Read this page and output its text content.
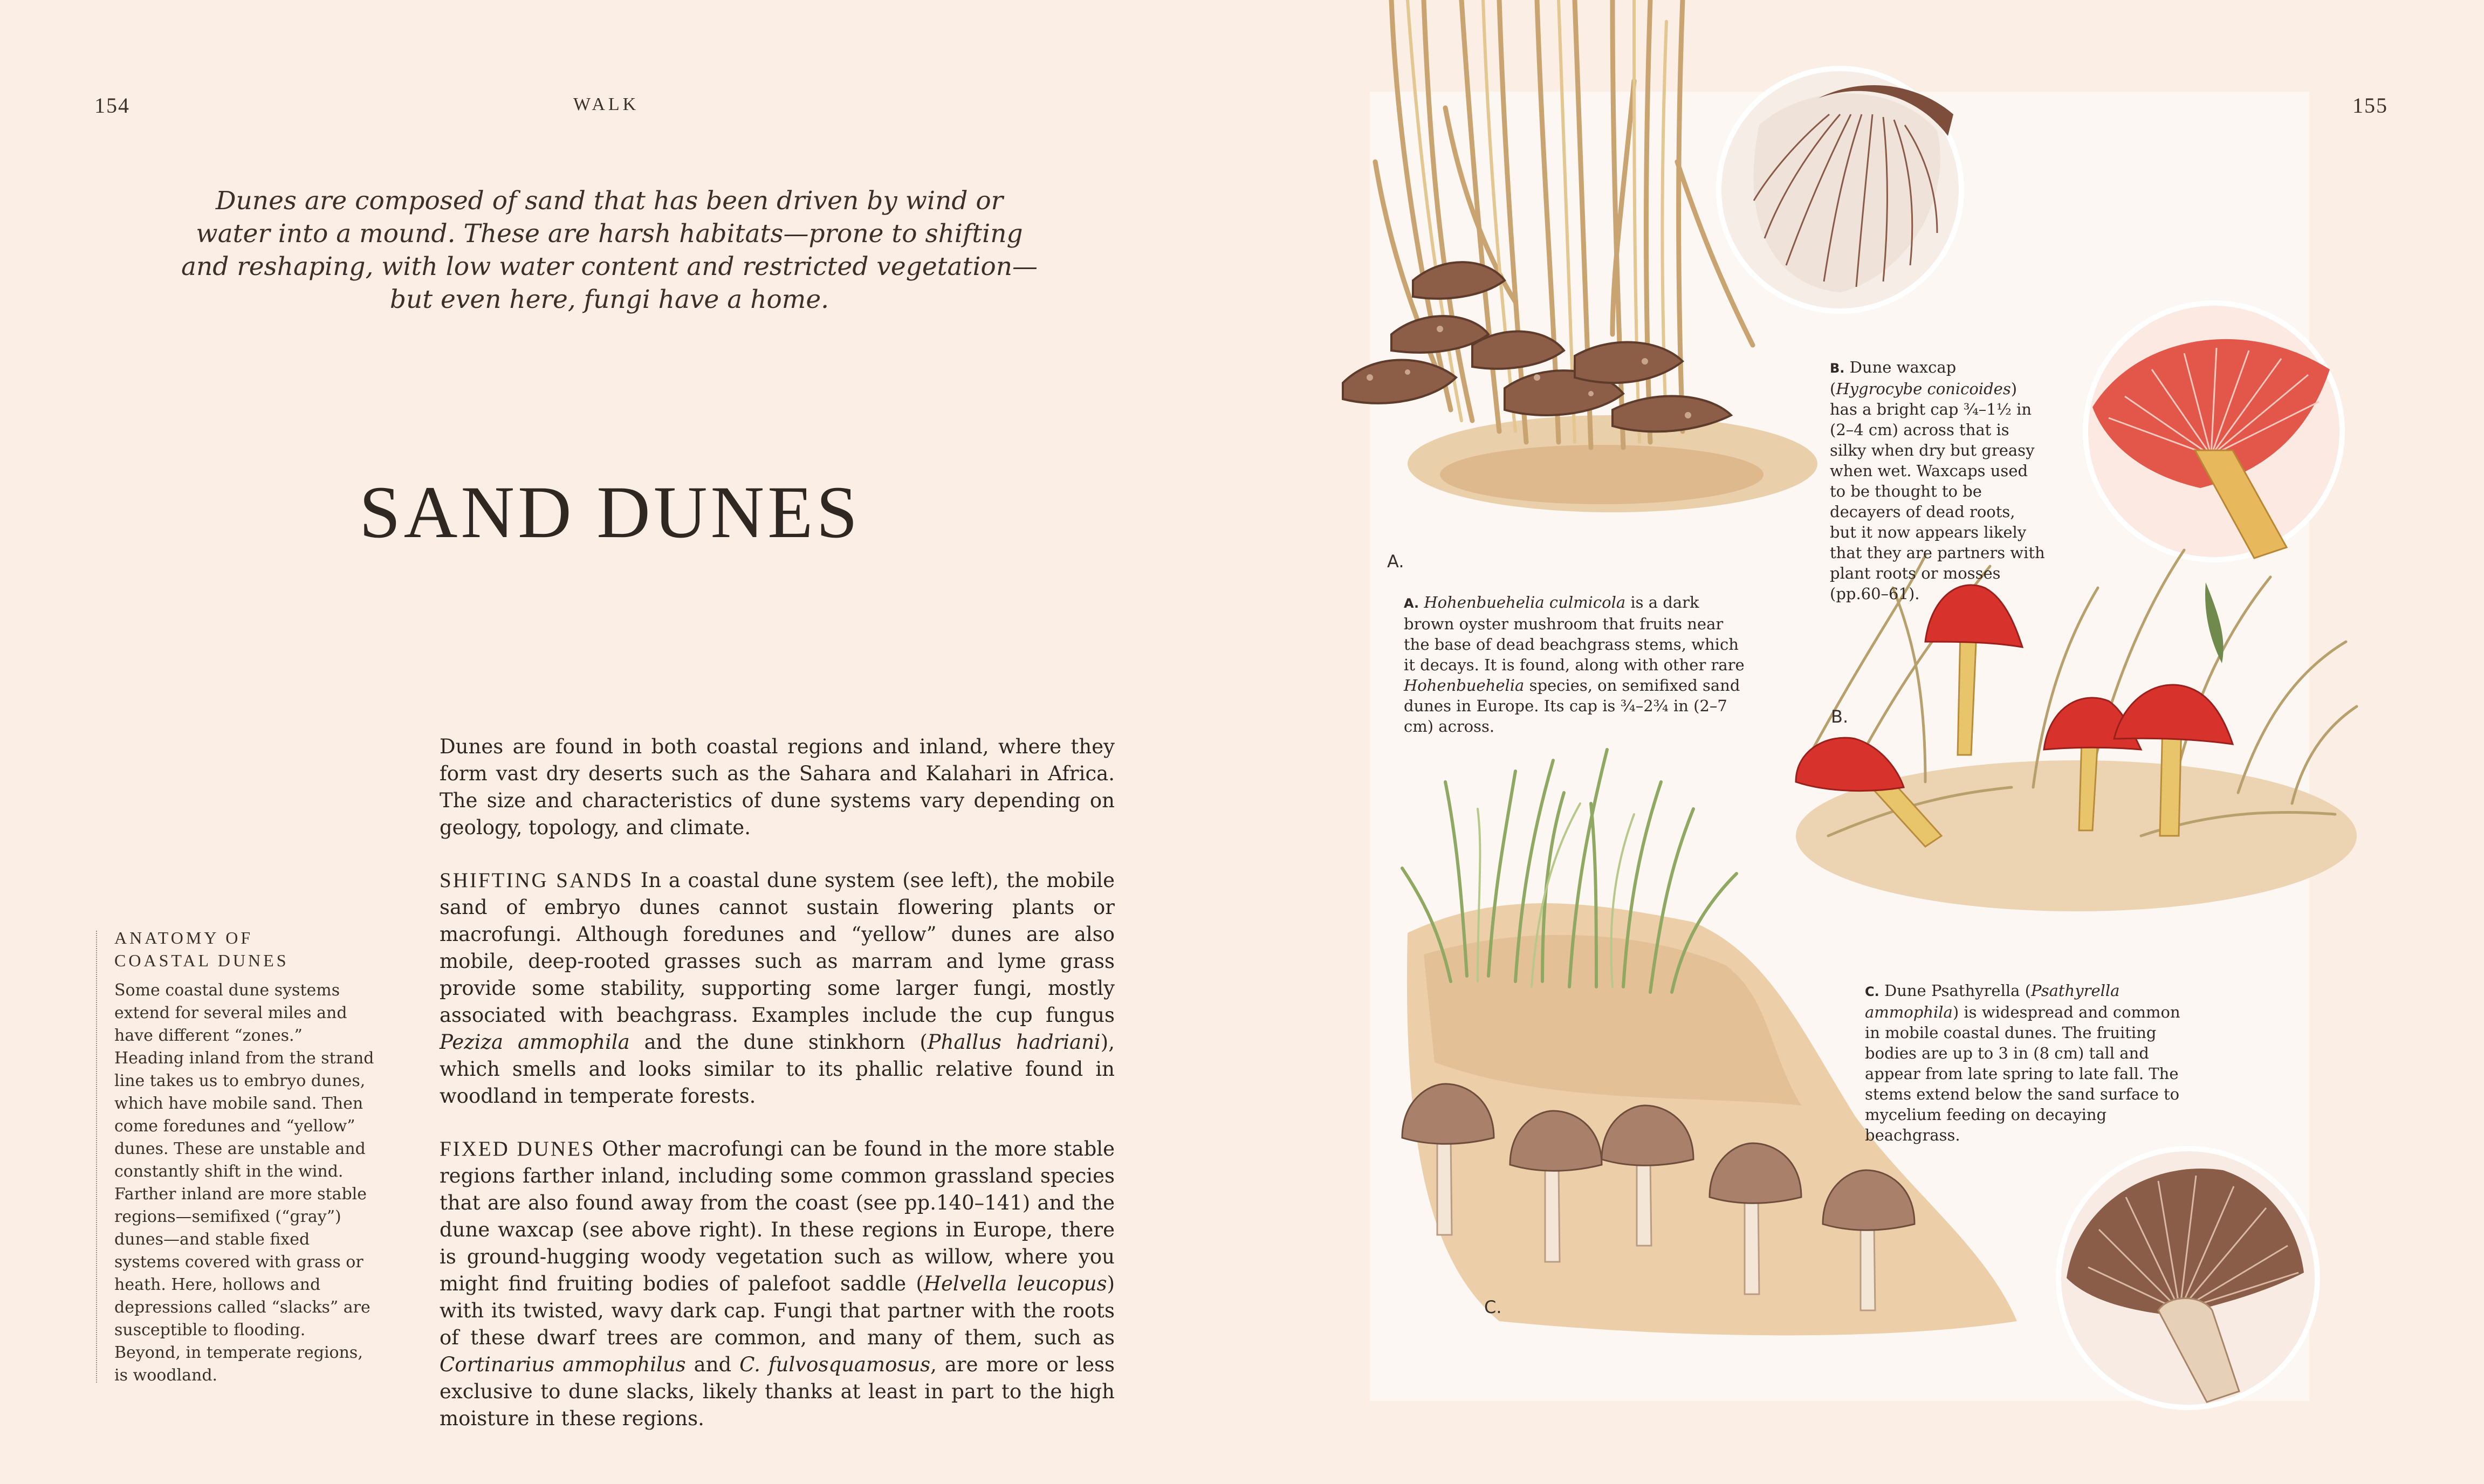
154	WALK
Dunes are composed of sand that has been driven by wind or water into a mound. These are harsh habitats—prone to shifting and reshaping, with low water content and restricted vegetation—but even here, fungi have a home.
SAND DUNES

Dunes are found in both coastal regions and inland, where they form vast dry deserts such as the Sahara and Kalahari in Africa. The size and characteristics of dune systems vary depending on geology, topology, and climate.

SHIFTING SANDS In a coastal dune system (see left), the mobile sand of embryo dunes cannot sustain flowering plants or macrofungi. Although foredunes and “yellow” dunes are also mobile, deep-rooted grasses such as marram and lyme grass provide some stability, supporting some larger fungi, mostly associated with beachgrass. Examples include the cup fungus Peziza ammophila and the dune stinkhorn (Phallus hadriani), which smells and looks similar to its phallic relative found in woodland in temperate forests.

FIXED DUNES Other macrofungi can be found in the more stable regions farther inland, including some common grassland species that are also found away from the coast (see pp.140–141) and the dune waxcap (see above right). In these regions in Europe, there is ground-hugging woody vegetation such as willow, where you might find fruiting bodies of palefoot saddle (Helvella leucopus) with its twisted, wavy dark cap. Fungi that partner with the roots of these dwarf trees are common, and many of them, such as Cortinarius ammophilus and C. fulvosquamosus, are more or less exclusive to dune slacks, likely thanks at least in part to the high moisture in these regions.

ANATOMY OF
COASTAL DUNES
Some coastal dune systems extend for several miles and have different “zones.” Heading inland from the strand line takes us to embryo dunes, which have mobile sand. Then come foredunes and “yellow” dunes. These are unstable and constantly shift in the wind. Farther inland are more stable regions—semifixed (“gray”) dunes—and stable fixed systems covered with grass or heath. Here, hollows and depressions called “slacks” are susceptible to flooding. Beyond, in temperate regions, is woodland.
155
A.
B.
C.
A. Hohenbuehelia culmicola is a dark brown oyster mushroom that fruits near the base of dead beachgrass stems, which it decays. It is found, along with other rare Hohenbuehelia species, on semifixed sand dunes in Europe. Its cap is ¾–2¾ in (2–7 cm) across.
B. Dune waxcap (Hygrocybe conicoides) has a bright cap ¾–1½ in (2–4 cm) across that is silky when dry but greasy when wet. Waxcaps used to be thought to be decayers of dead roots, but it now appears likely that they are partners with plant roots or mosses (pp.60–61).
C. Dune Psathyrella (Psathyrella ammophila) is widespread and common in mobile coastal dunes. The fruiting bodies are up to 3 in (8 cm) tall and appear from late spring to late fall. The stems extend below the sand surface to mycelium feeding on decaying beachgrass.
